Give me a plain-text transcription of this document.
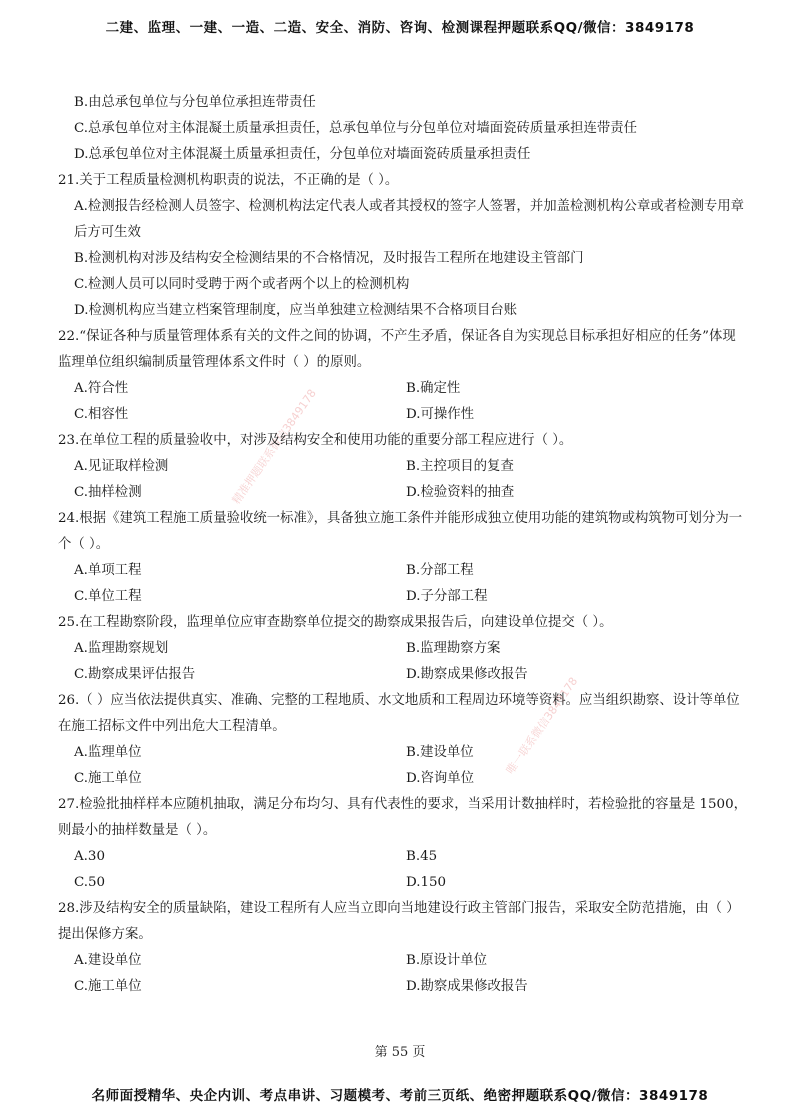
二建、监理、一建、一造、二造、安全、消防、咨询、检测课程押题联系QQ/微信：3849178
精准押题联系微信3849178
唯一联系微信3849178
B.由总承包单位与分包单位承担连带责任
C.总承包单位对主体混凝土质量承担责任，总承包单位与分包单位对墙面瓷砖质量承担连带责任
D.总承包单位对主体混凝土质量承担责任，分包单位对墙面瓷砖质量承担责任
21.关于工程质量检测机构职责的说法，不正确的是（ ）。
A.检测报告经检测人员签字、检测机构法定代表人或者其授权的签字人签署，并加盖检测机构公章或者检测专用章后方可生效
B.检测机构对涉及结构安全检测结果的不合格情况，及时报告工程所在地建设主管部门
C.检测人员可以同时受聘于两个或者两个以上的检测机构
D.检测机构应当建立档案管理制度，应当单独建立检测结果不合格项目台账
22.“保证各种与质量管理体系有关的文件之间的协调，不产生矛盾，保证各自为实现总目标承担好相应的任务”体现监理单位组织编制质量管理体系文件时（ ）的原则。
A.符合性	B.确定性
C.相容性	D.可操作性
23.在单位工程的质量验收中，对涉及结构安全和使用功能的重要分部工程应进行（ ）。
A.见证取样检测	B.主控项目的复查
C.抽样检测	D.检验资料的抽查
24.根据《建筑工程施工质量验收统一标准》，具备独立施工条件并能形成独立使用功能的建筑物或构筑物可划分为一个（ ）。
A.单项工程	B.分部工程
C.单位工程	D.子分部工程
25.在工程勘察阶段，监理单位应审查勘察单位提交的勘察成果报告后，向建设单位提交（ ）。
A.监理勘察规划	B.监理勘察方案
C.勘察成果评估报告	D.勘察成果修改报告
26.（ ）应当依法提供真实、准确、完整的工程地质、水文地质和工程周边环境等资料。应当组织勘察、设计等单位在施工招标文件中列出危大工程清单。
A.监理单位	B.建设单位
C.施工单位	D.咨询单位
27.检验批抽样样本应随机抽取，满足分布均匀、具有代表性的要求，当采用计数抽样时，若检验批的容量是 1500，则最小的抽样数量是（ ）。
A.30	B.45
C.50	D.150
28.涉及结构安全的质量缺陷，建设工程所有人应当立即向当地建设行政主管部门报告，采取安全防范措施，由（ ）提出保修方案。
A.建设单位	B.原设计单位
C.施工单位	D.勘察成果修改报告
第 55 页
名师面授精华、央企内训、考点串讲、习题模考、考前三页纸、绝密押题联系QQ/微信：3849178
